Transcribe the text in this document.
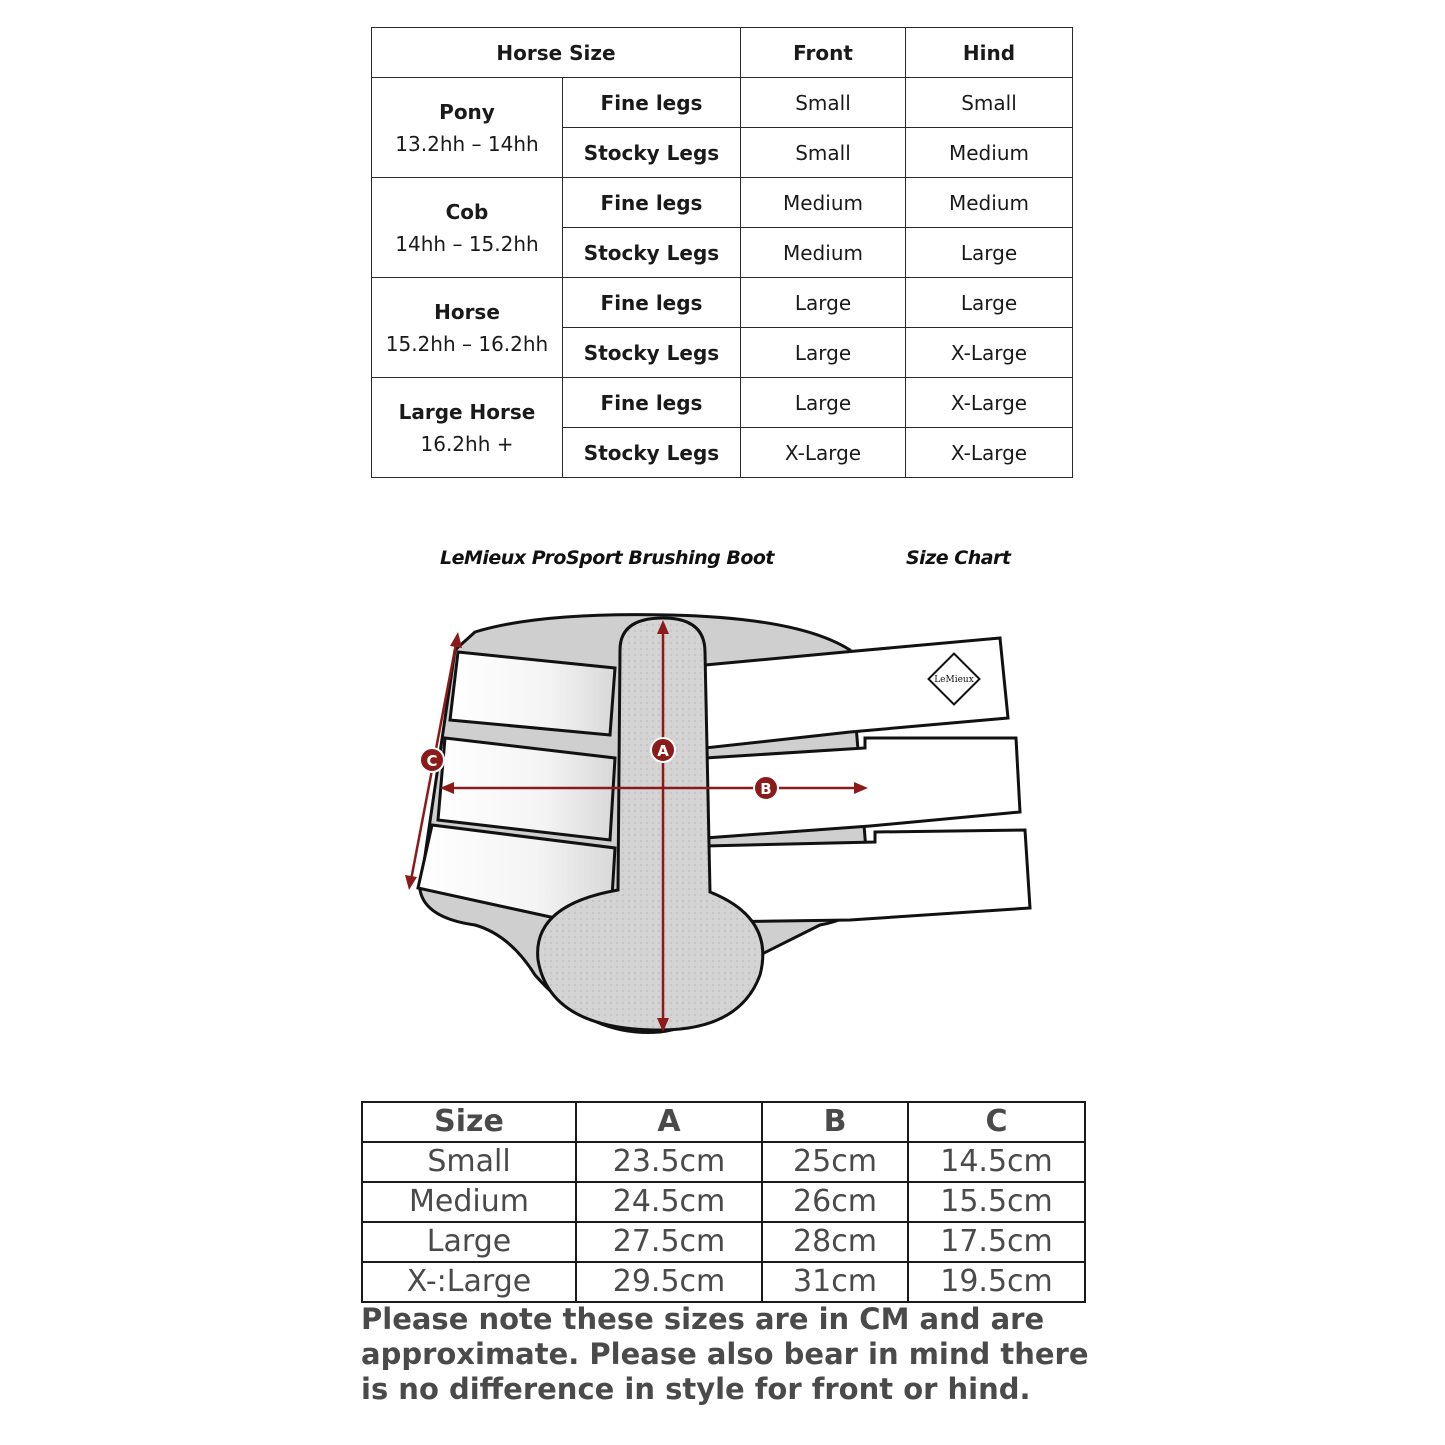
Horse Size		Front	Hind

Pony
13.2hh – 14hh	Fine legs	Small	Small
	Stocky Legs	Small	Medium

Cob
14hh – 15.2hh	Fine legs	Medium	Medium
	Stocky Legs	Medium	Large

Horse
15.2hh – 16.2hh	Fine legs	Large	Large
	Stocky Legs	Large	X-Large

Large Horse
16.2hh +	Fine legs	Large	X-Large
	Stocky Legs	X-Large	X-Large
LeMieux ProSport Brushing Boot	Size Chart
LeMieux
A
B
C
Size	A	B	C
Small	23.5cm	25cm	14.5cm
Medium	24.5cm	26cm	15.5cm
Large	27.5cm	28cm	17.5cm
X-:Large	29.5cm	31cm	19.5cm

Please note these sizes are in CM and are approximate. Please also bear in mind there is no difference in style for front or hind.
